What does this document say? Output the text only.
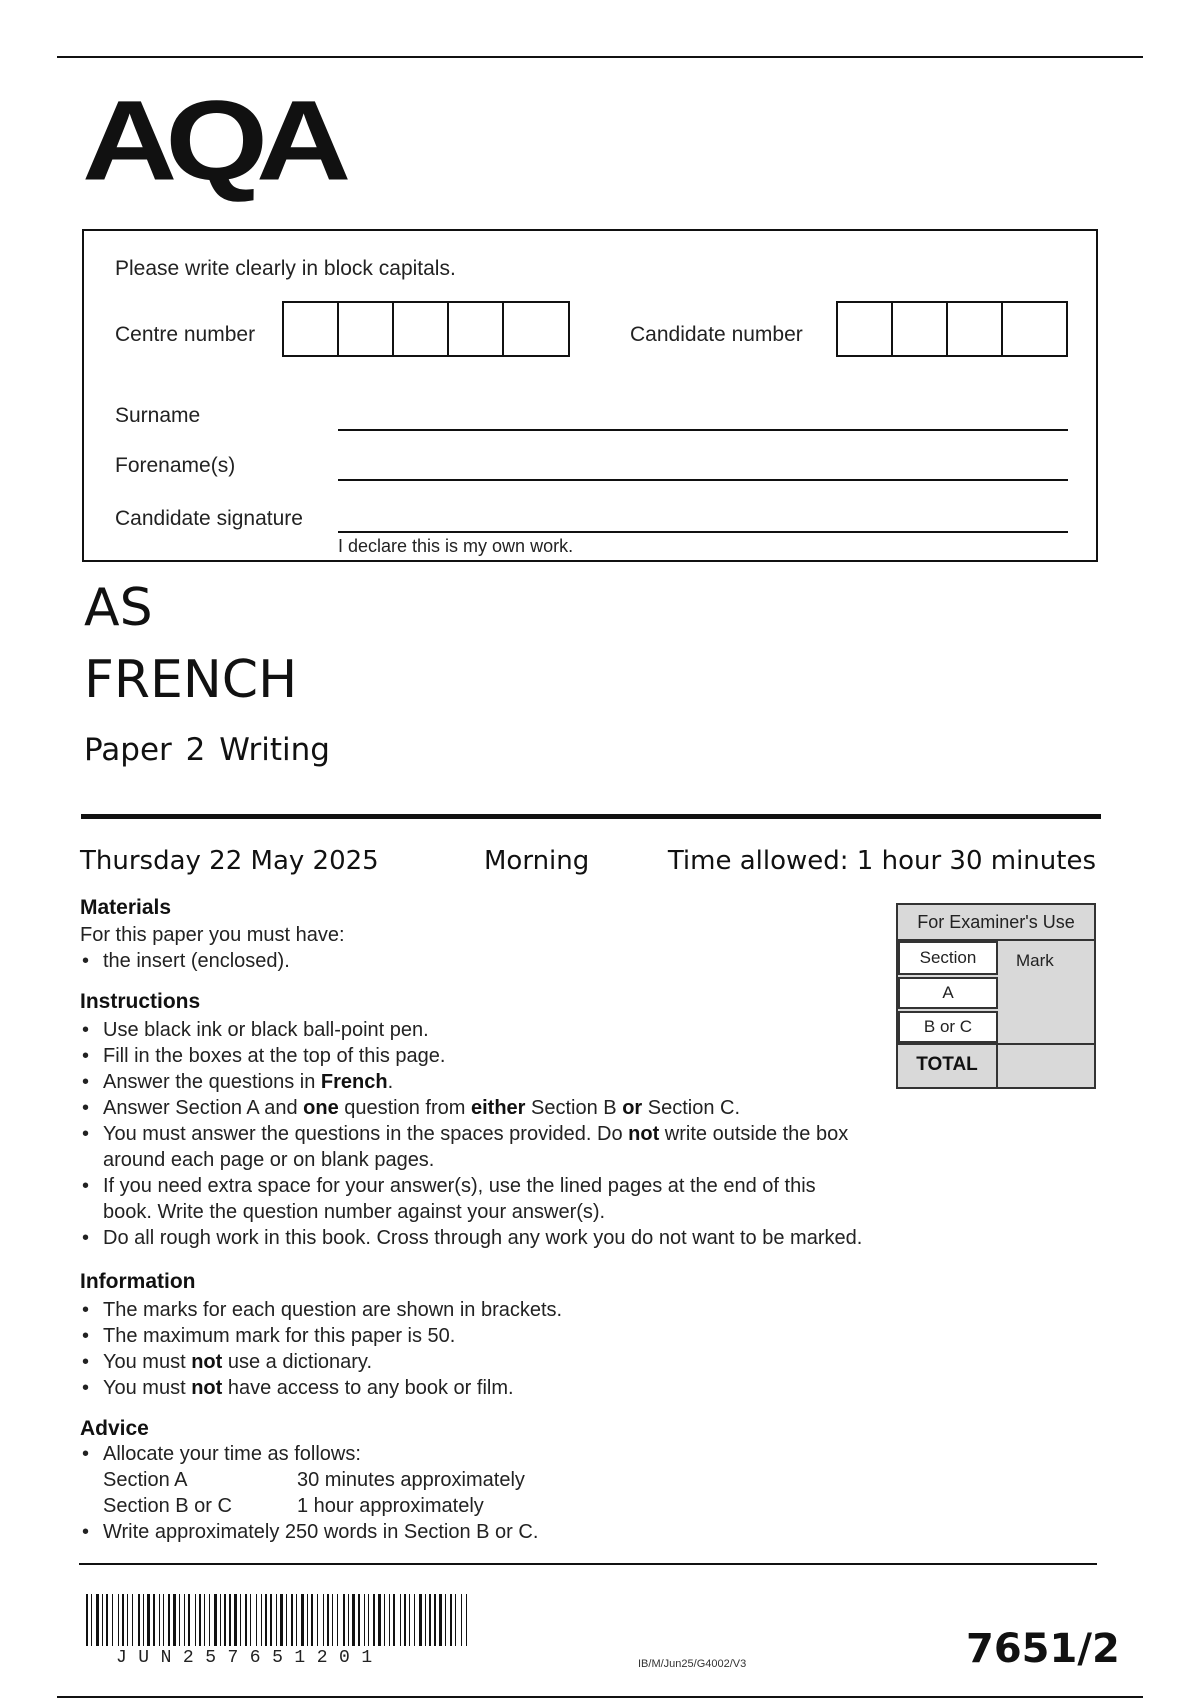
AQA
Please write clearly in block capitals.
Centre number	Candidate number
Surname
Forename(s)
Candidate signature
I declare this is my own work.
AS
FRENCH
Paper 2 Writing
Thursday 22 May 2025	Morning	Time allowed: 1 hour 30 minutes
Materials
For this paper you must have:
• the insert (enclosed).
Instructions
• Use black ink or black ball-point pen.
• Fill in the boxes at the top of this page.
• Answer the questions in French.
• Answer Section A and one question from either Section B or Section C.
• You must answer the questions in the spaces provided. Do not write outside the box around each page or on blank pages.
• If you need extra space for your answer(s), use the lined pages at the end of this book. Write the question number against your answer(s).
• Do all rough work in this book. Cross through any work you do not want to be marked.
Information
• The marks for each question are shown in brackets.
• The maximum mark for this paper is 50.
• You must not use a dictionary.
• You must not have access to any book or film.
Advice
• Allocate your time as follows:
Section A	30 minutes approximately
Section B or C	1 hour approximately
• Write approximately 250 words in Section B or C.
For Examiner's Use
Section	Mark
A
B or C
TOTAL
JUN257651201	IB/M/Jun25/G4002/V3	7651/2
